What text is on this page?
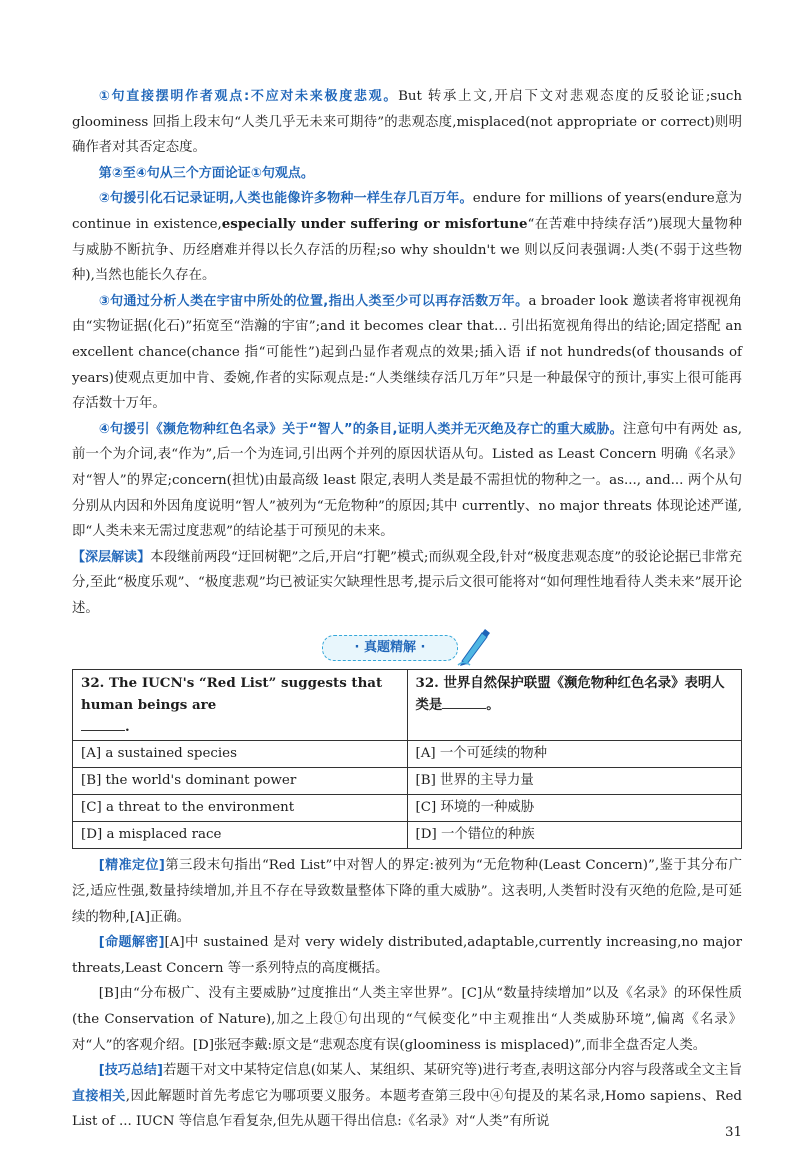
①句直接摆明作者观点:不应对未来极度悲观。But 转承上文,开启下文对悲观态度的反驳论证;such gloominess 回指上段末句“人类几乎无未来可期待”的悲观态度,misplaced(not appropriate or correct)则明确作者对其否定态度。

第②至④句从三个方面论证①句观点。

②句援引化石记录证明,人类也能像许多物种一样生存几百万年。endure for millions of years(endure意为 continue in existence,especially under suffering or misfortune“在苦难中持续存活”)展现大量物种与威胁不断抗争、历经磨难并得以长久存活的历程;so why shouldn't we 则以反问表强调:人类(不弱于这些物种),当然也能长久存在。

③句通过分析人类在宇宙中所处的位置,指出人类至少可以再存活数万年。a broader look 邀读者将审视视角由“实物证据(化石)”拓宽至“浩瀚的宇宙”;and it becomes clear that... 引出拓宽视角得出的结论;固定搭配 an excellent chance(chance 指“可能性”)起到凸显作者观点的效果;插入语 if not hundreds(of thousands of years)使观点更加中肯、委婉,作者的实际观点是:“人类继续存活几万年”只是一种最保守的预计,事实上很可能再存活数十万年。

④句援引《濒危物种红色名录》关于“智人”的条目,证明人类并无灭绝及存亡的重大威胁。注意句中有两处 as,前一个为介词,表“作为”,后一个为连词,引出两个并列的原因状语从句。Listed as Least Concern 明确《名录》对“智人”的界定;concern(担忧)由最高级 least 限定,表明人类是最不需担忧的物种之一。as..., and... 两个从句分别从内因和外因角度说明“智人”被列为“无危物种”的原因;其中 currently、no major threats 体现论述严谨,即“人类未来无需过度悲观”的结论基于可预见的未来。

【深层解读】本段继前两段“迂回树靶”之后,开启“打靶”模式;而纵观全段,针对“极度悲观态度”的驳论论据已非常充分,至此“极度乐观”、“极度悲观”均已被证实欠缺理性思考,提示后文很可能将对“如何理性地看待人类未来”展开论述。

· 真题精解 ·
32. The IUCN's “Red List” suggests that human beings are
.	32. 世界自然保护联盟《濒危物种红色名录》表明人类是 。
[A] a sustained species	[A] 一个可延续的物种
[B] the world's dominant power	[B] 世界的主导力量
[C] a threat to the environment	[C] 环境的一种威胁
[D] a misplaced race	[D] 一个错位的种族

[精准定位]第三段末句指出“Red List”中对智人的界定:被列为“无危物种(Least Concern)”,鉴于其分布广泛,适应性强,数量持续增加,并且不存在导致数量整体下降的重大威胁”。这表明,人类暂时没有灭绝的危险,是可延续的物种,[A]正确。

[命题解密][A]中 sustained 是对 very widely distributed,adaptable,currently increasing,no major threats,Least Concern 等一系列特点的高度概括。

[B]由“分布极广、没有主要威胁”过度推出“人类主宰世界”。[C]从“数量持续增加”以及《名录》的环保性质(the Conservation of Nature),加之上段①句出现的“气候变化”中主观推出“人类威胁环境”,偏离《名录》对“人”的客观介绍。[D]张冠李戴:原文是“悲观态度有误(gloominess is misplaced)”,而非全盘否定人类。

[技巧总结]若题干对文中某特定信息(如某人、某组织、某研究等)进行考查,表明这部分内容与段落或全文主旨直接相关,因此解题时首先考虑它为哪项要义服务。本题考查第三段中④句提及的某名录,Homo sapiens、Red List of ... IUCN 等信息乍看复杂,但先从题干得出信息:《名录》对“人类”有所说

31
